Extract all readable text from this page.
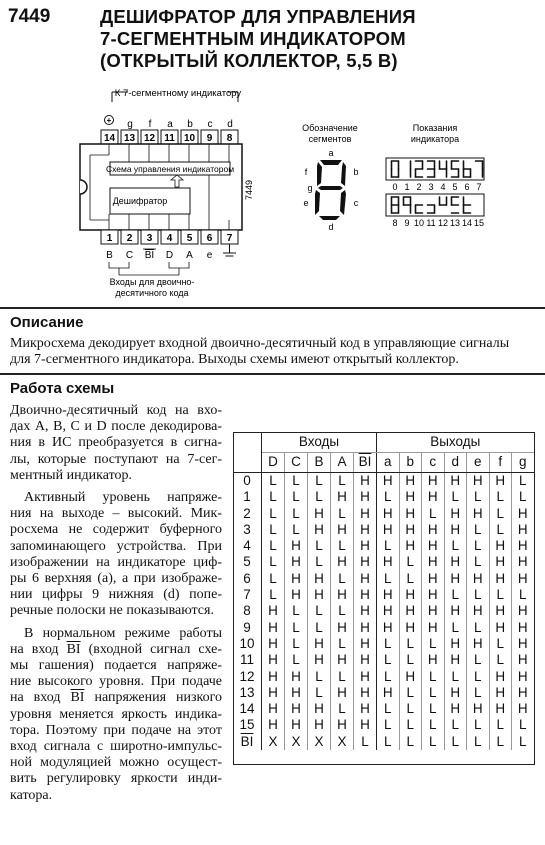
7449	ДЕШИФРАТОР ДЛЯ УПРАВЛЕНИЯ
7-СЕГМЕНТНЫМ ИНДИКАТОРОМ
(ОТКРЫТЫЙ КОЛЛЕКТОР, 5,5 В)
К 7-сегментному индикатору
+ g f a b c d
14 13 12 11 10 9 8
7449
Схема управления индикатором
Дешифратор
1 2 3 4 5 6 7
B C BI D A e
Входы для двоично-
десятичного кода
Обозначение
сегментов
a
b
c
d
e
f
g
Показания
индикатора
0 1 2 3 4 5 6 7
8 9 10 11 12 13 14 15
Описание
Микросхема декодирует входной двоично-десятичный код в управляющие сигналы
для 7-сегментного индикатора. Выходы схемы имеют открытый коллектор.
Работа схемы
Двоично-десятичный код на вхо-
дах A, B, C и D после декодирова-
ния в ИС преобразуется в сигна-
лы, которые поступают на 7-сег-
ментный индикатор.
Активный уровень напряже-
ния на выходе – высокий. Мик-
росхема не содержит буферного
запоминающего устройства. При
изображении на индикаторе циф-
ры 6 верхняя (a), а при изображе-
нии цифры 9 нижняя (d) попе-
речные полоски не показываются.
В нормальном режиме работы
на вход $\overline{BI}$ (входной сигнал схе-
мы гашения) подается напряже-
ние высокого уровня. При подаче
на вход $\overline{BI}$ напряжения низкого
уровня меняется яркость индика-
тора. Поэтому при подаче на этот
вход сигнала с широтно-импульс-
ной модуляцией можно осущест-
вить регулировку яркости инди-
катора.
	Входы					Выходы						
	D	C	B	A	$\overline{BI}$	a	b	c	d	e	f	g
0	L	L	L	L	H	H	H	H	H	H	H	L
1	L	L	L	H	H	L	H	H	L	L	L	L
2	L	L	H	L	H	H	H	L	H	H	L	H
3	L	L	H	H	H	H	H	H	H	L	L	H
4	L	H	L	L	H	L	H	H	L	L	H	H
5	L	H	L	H	H	H	L	H	H	L	H	H
6	L	H	H	L	H	L	L	H	H	H	H	H
7	L	H	H	H	H	H	H	H	L	L	L	L
8	H	L	L	L	H	H	H	H	H	H	H	H
9	H	L	L	H	H	H	H	H	L	L	H	H
10	H	L	H	L	H	L	L	L	H	H	L	H
11	H	L	H	H	H	L	L	H	H	L	L	H
12	H	H	L	L	H	L	H	L	L	L	H	H
13	H	H	L	H	H	H	L	L	H	L	H	H
14	H	H	H	L	H	L	L	L	H	H	H	H
15	H	H	H	H	H	L	L	L	L	L	L	L
$\overline{BI}$	X	X	X	X	L	L	L	L	L	L	L	L
